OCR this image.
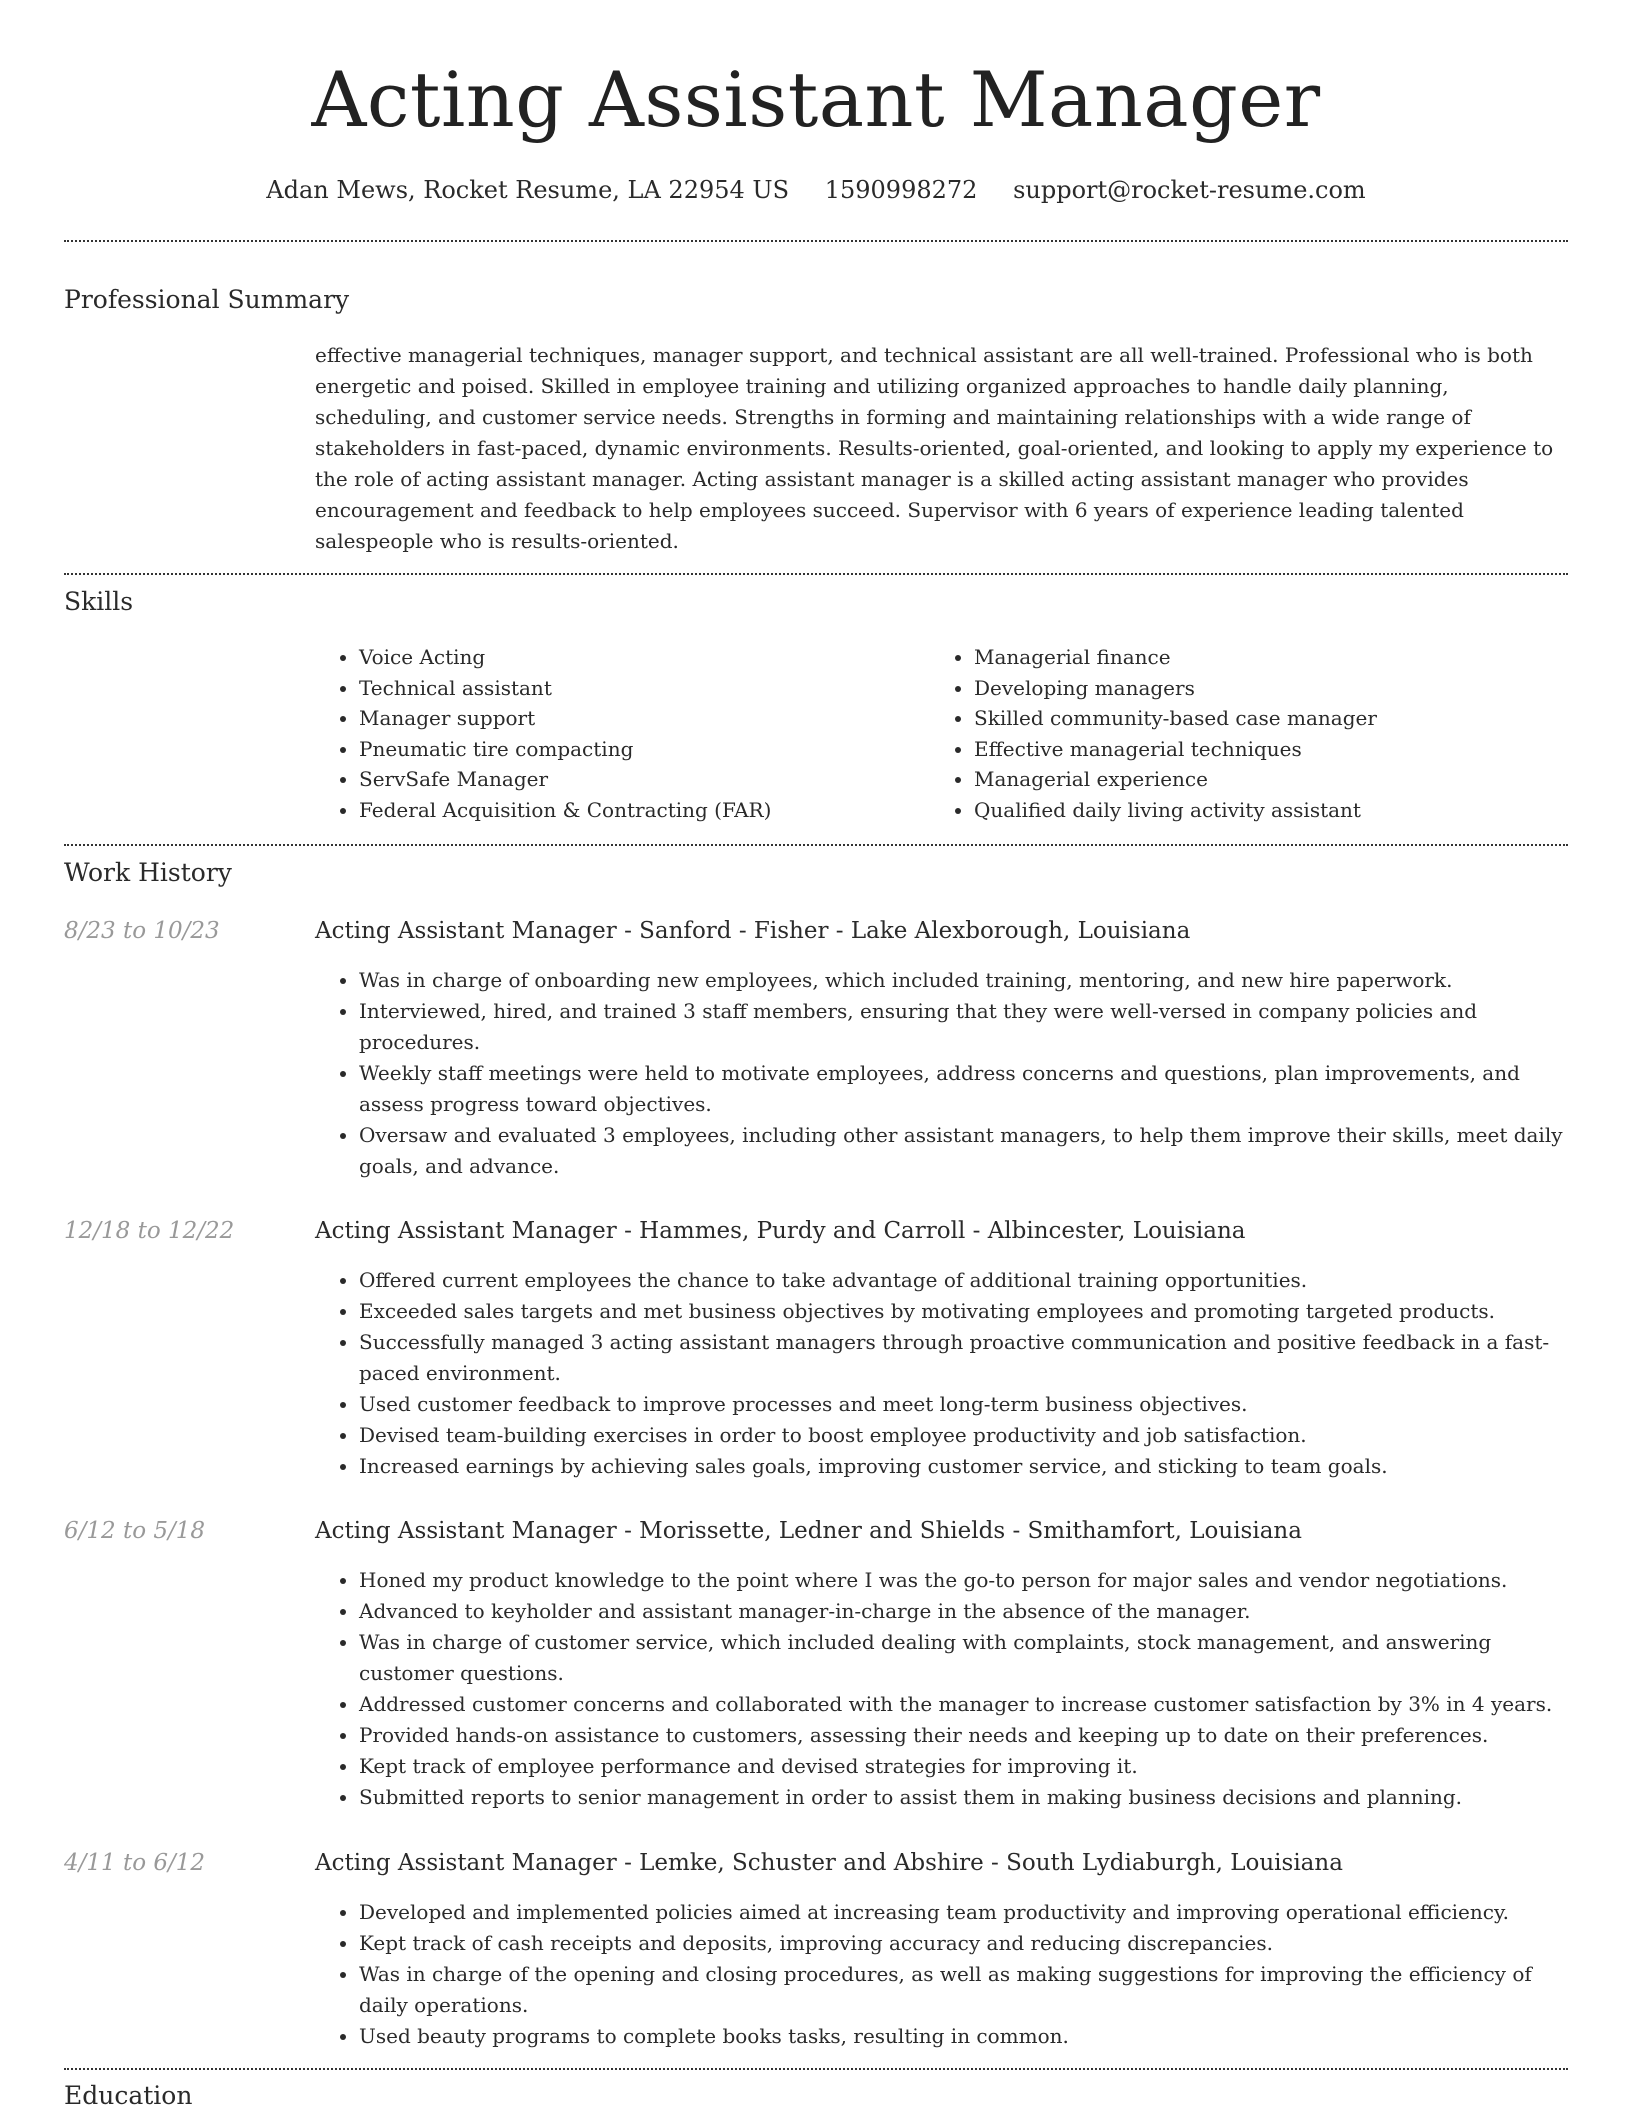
Acting Assistant Manager
Adan Mews, Rocket Resume, LA 22954 US 1590998272 support@rocket-resume.com
Professional Summary

effective managerial techniques, manager support, and technical assistant are all well-trained. Professional who is both energetic and poised. Skilled in employee training and utilizing organized approaches to handle daily planning, scheduling, and customer service needs. Strengths in forming and maintaining relationships with a wide range of stakeholders in fast-paced, dynamic environments. Results-oriented, goal-oriented, and looking to apply my experience to the role of acting assistant manager. Acting assistant manager is a skilled acting assistant manager who provides encouragement and feedback to help employees succeed. Supervisor with 6 years of experience leading talented salespeople who is results-oriented.

Skills
• Voice Acting
• Technical assistant
• Manager support
• Pneumatic tire compacting
• ServSafe Manager
• Federal Acquisition & Contracting (FAR)
• Managerial finance
• Developing managers
• Skilled community-based case manager
• Effective managerial techniques
• Managerial experience
• Qualified daily living activity assistant
Work History
8/23 to 10/23	Acting Assistant Manager - Sanford - Fisher - Lake Alexborough, Louisiana
• Was in charge of onboarding new employees, which included training, mentoring, and new hire paperwork.
• Interviewed, hired, and trained 3 staff members, ensuring that they were well-versed in company policies and procedures.
• Weekly staff meetings were held to motivate employees, address concerns and questions, plan improvements, and assess progress toward objectives.
• Oversaw and evaluated 3 employees, including other assistant managers, to help them improve their skills, meet daily goals, and advance.
12/18 to 12/22	Acting Assistant Manager - Hammes, Purdy and Carroll - Albincester, Louisiana
• Offered current employees the chance to take advantage of additional training opportunities.
• Exceeded sales targets and met business objectives by motivating employees and promoting targeted products.
• Successfully managed 3 acting assistant managers through proactive communication and positive feedback in a fast-paced environment.
• Used customer feedback to improve processes and meet long-term business objectives.
• Devised team-building exercises in order to boost employee productivity and job satisfaction.
• Increased earnings by achieving sales goals, improving customer service, and sticking to team goals.
6/12 to 5/18	Acting Assistant Manager - Morissette, Ledner and Shields - Smithamfort, Louisiana
• Honed my product knowledge to the point where I was the go-to person for major sales and vendor negotiations.
• Advanced to keyholder and assistant manager-in-charge in the absence of the manager.
• Was in charge of customer service, which included dealing with complaints, stock management, and answering customer questions.
• Addressed customer concerns and collaborated with the manager to increase customer satisfaction by 3% in 4 years.
• Provided hands-on assistance to customers, assessing their needs and keeping up to date on their preferences.
• Kept track of employee performance and devised strategies for improving it.
• Submitted reports to senior management in order to assist them in making business decisions and planning.
4/11 to 6/12	Acting Assistant Manager - Lemke, Schuster and Abshire - South Lydiaburgh, Louisiana
• Developed and implemented policies aimed at increasing team productivity and improving operational efficiency.
• Kept track of cash receipts and deposits, improving accuracy and reducing discrepancies.
• Was in charge of the opening and closing procedures, as well as making suggestions for improving the efficiency of daily operations.
• Used beauty programs to complete books tasks, resulting in common.
Education
